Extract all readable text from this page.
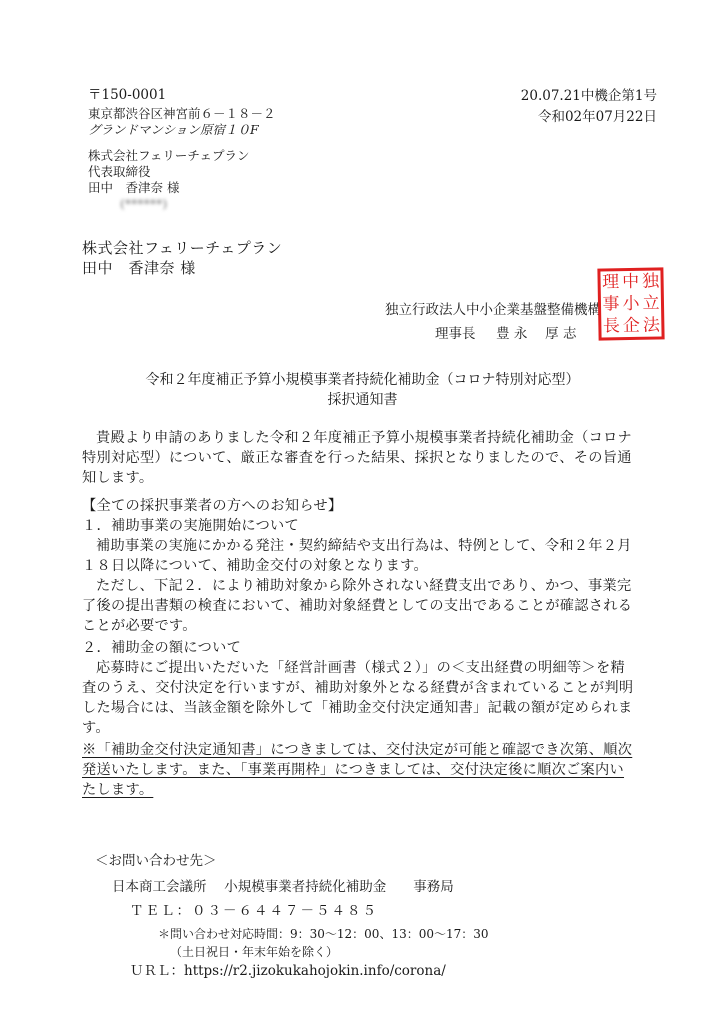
〒150-0001
東京都渋谷区神宮前６－１８－２
グランドマンション原宿１０F
株式会社フェリーチェプラン
代表取締役
田中　香津奈 様
(******)
20.07.21中機企第1号
令和02年07月22日
株式会社フェリーチェプラン
田中　香津奈 様
独立行政法人中小企業基盤整備機構
理事長 豊 永　 厚 志
理 中 独
事 小 立
長 企 法
令和２年度補正予算小規模事業者持続化補助金（コロナ特別対応型）
採択通知書

貴殿より申請のありました令和２年度補正予算小規模事業者持続化補助金（コロナ

特別対応型）について、厳正な審査を行った結果、採択となりましたので、その旨通

知します。

【全ての採択事業者の方へのお知らせ】

１．補助事業の実施開始について

補助事業の実施にかかる発注・契約締結や支出行為は、特例として、令和２年２月

１８日以降について、補助金交付の対象となります。

ただし、下記２．により補助対象から除外されない経費支出であり、かつ、事業完

了後の提出書類の検査において、補助対象経費としての支出であることが確認される

ことが必要です。

２．補助金の額について

応募時にご提出いただいた「経営計画書（様式２）」の＜支出経費の明細等＞を精

査のうえ、交付決定を行いますが、補助対象外となる経費が含まれていることが判明

した場合には、当該金額を除外して「補助金交付決定通知書」記載の額が定められま

す。

※「補助金交付決定通知書」につきましては、交付決定が可能と確認でき次第、順次

発送いたします。また、「事業再開枠」につきましては、交付決定後に順次ご案内い

たします。

＜お問い合わせ先＞
日本商工会議所　 小規模事業者持続化補助金　　事務局
ＴＥＬ：０３－６４４７－５４８５
＊問い合わせ対応時間：9：30～12：00、13：00～17：30
（土日祝日・年末年始を除く）
ＵＲＬ：https://r2.jizokukahojokin.info/corona/
